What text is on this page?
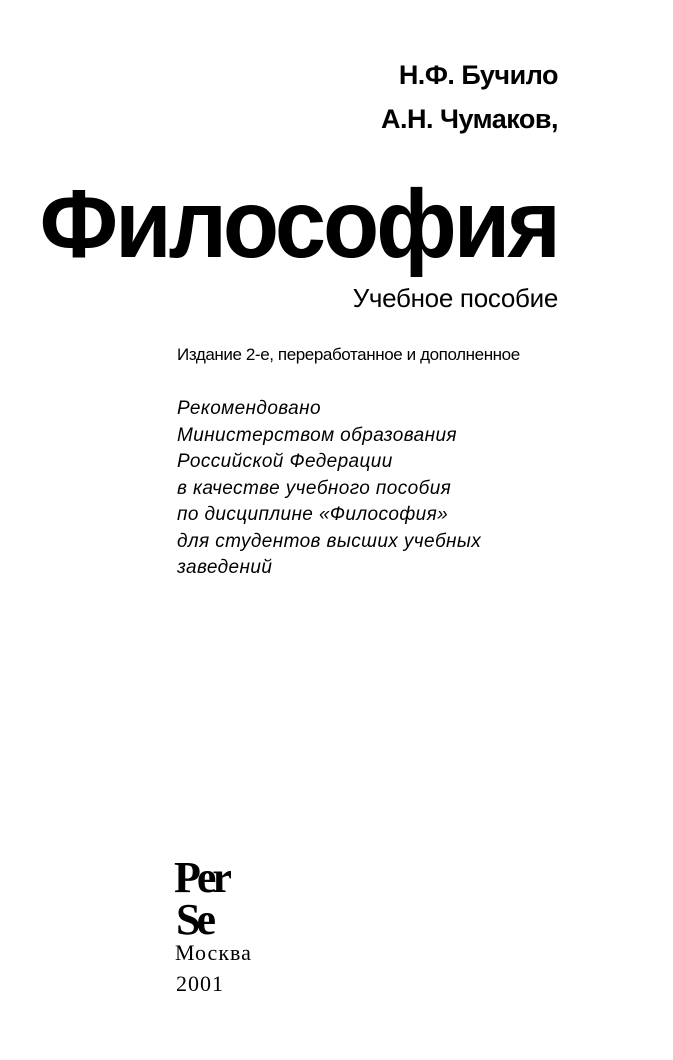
Н.Ф. Бучило
А.Н. Чумаков,
Философия
Учебное пособие
Издание 2-е, переработанное и дополненное
Рекомендовано
Министерством образования
Российской Федерации
в качестве учебного пособия
по дисциплине «Философия»
для студентов высших учебных
заведений
Per
Se
Москва
2001
